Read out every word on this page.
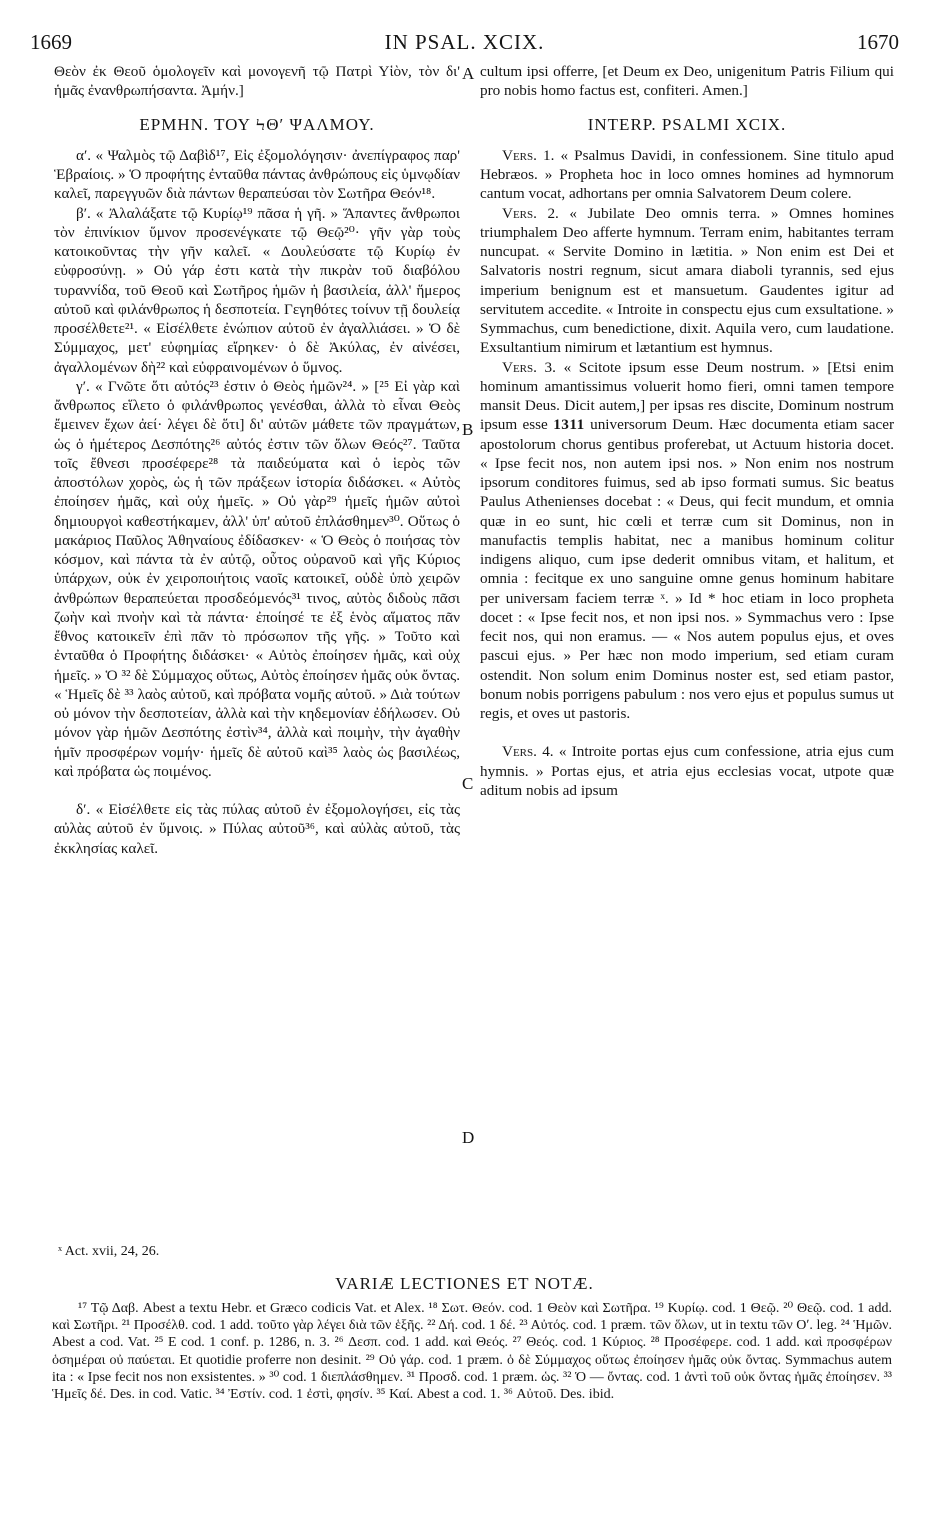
1669	IN PSAL. XCIX.	1670

Θεὸν ἐκ Θεοῦ ὁμολογεῖν καὶ μονογενῆ τῷ Πατρὶ Υἱὸν, τὸν δι' ἡμᾶς ἐνανθρωπήσαντα. Ἀμήν.]

ΕΡΜΗΝ. ΤΟΥ ϞΘʹ ΨΑΛΜΟΥ.

αʹ. « Ψαλμὸς τῷ Δαβὶδ¹⁷, Εἰς ἐξομολόγησιν· ἀνεπίγραφος παρ' Ἑβραίοις. » Ὁ προφήτης ἐνταῦθα πάντας ἀνθρώπους εἰς ὑμνῳδίαν καλεῖ, παρεγγυῶν διὰ πάντων θεραπεύσαι τὸν Σωτῆρα Θεόν¹⁸.

βʹ. « Ἀλαλάξατε τῷ Κυρίῳ¹⁹ πᾶσα ἡ γῆ. » Ἅπαντες ἄνθρωποι τὸν ἐπινίκιον ὕμνον προσενέγκατε τῷ Θεῷ²⁰· γῆν γὰρ τοὺς κατοικοῦντας τὴν γῆν καλεῖ. « Δουλεύσατε τῷ Κυρίῳ ἐν εὐφροσύνῃ. » Οὐ γάρ ἐστι κατὰ τὴν πικρὰν τοῦ διαβόλου τυραννίδα, τοῦ Θεοῦ καὶ Σωτῆρος ἡμῶν ἡ βασιλεία, ἀλλ' ἥμερος αὐτοῦ καὶ φιλάνθρωπος ἡ δεσποτεία. Γεγηθότες τοίνυν τῇ δουλείᾳ προσέλθετε²¹. « Εἰσέλθετε ἐνώπιον αὐτοῦ ἐν ἀγαλλιάσει. » Ὁ δὲ Σύμμαχος, μετ' εὐφημίας εἴρηκεν· ὁ δὲ Ἀκύλας, ἐν αἰνέσει, ἀγαλλομένων δὴ²² καὶ εὐφραινομένων ὁ ὕμνος.

γʹ. « Γνῶτε ὅτι αὐτός²³ ἐστιν ὁ Θεὸς ἡμῶν²⁴. » [²⁵ Εἰ γὰρ καὶ ἄνθρωπος εἵλετο ὁ φιλάνθρωπος γενέσθαι, ἀλλὰ τὸ εἶναι Θεὸς ἔμεινεν ἔχων ἀεί· λέγει δὲ ὅτι] δι' αὐτῶν μάθετε τῶν πραγμάτων, ὡς ὁ ἡμέτερος Δεσπότης²⁶ αὐτός ἐστιν τῶν ὅλων Θεός²⁷. Ταῦτα τοῖς ἔθνεσι προσέφερε²⁸ τὰ παιδεύματα καὶ ὁ ἱερὸς τῶν ἀποστόλων χορὸς, ὡς ἡ τῶν πράξεων ἱστορία διδάσκει. « Αὐτὸς ἐποίησεν ἡμᾶς, καὶ οὐχ ἡμεῖς. » Οὐ γὰρ²⁹ ἡμεῖς ἡμῶν αὐτοὶ δημιουργοὶ καθεστήκαμεν, ἀλλ' ὑπ' αὐτοῦ ἐπλάσθημεν³⁰. Οὕτως ὁ μακάριος Παῦλος Ἀθηναίους ἐδίδασκεν· « Ὁ Θεὸς ὁ ποιήσας τὸν κόσμον, καὶ πάντα τὰ ἐν αὐτῷ, οὗτος οὐρανοῦ καὶ γῆς Κύριος ὑπάρχων, οὐκ ἐν χειροποιήτοις ναοῖς κατοικεῖ, οὐδὲ ὑπὸ χειρῶν ἀνθρώπων θεραπεύεται προσδεόμενός³¹ τινος, αὐτὸς διδοὺς πᾶσι ζωὴν καὶ πνοὴν καὶ τὰ πάντα· ἐποίησέ τε ἐξ ἑνὸς αἵματος πᾶν ἔθνος κατοικεῖν ἐπὶ πᾶν τὸ πρόσωπον τῆς γῆς. » Τοῦτο καὶ ἐνταῦθα ὁ Προφήτης διδάσκει· « Αὐτὸς ἐποίησεν ἡμᾶς, καὶ οὐχ ἡμεῖς. » Ὁ ³² δὲ Σύμμαχος οὕτως, Αὐτὸς ἐποίησεν ἡμᾶς οὐκ ὄντας. « Ἡμεῖς δὲ ³³ λαὸς αὐτοῦ, καὶ πρόβατα νομῆς αὐτοῦ. » Διὰ τούτων οὐ μόνον τὴν δεσποτείαν, ἀλλὰ καὶ τὴν κηδεμονίαν ἐδήλωσεν. Οὐ μόνον γὰρ ἡμῶν Δεσπότης ἐστὶν³⁴, ἀλλὰ καὶ ποιμὴν, τὴν ἀγαθὴν ἡμῖν προσφέρων νομήν· ἡμεῖς δὲ αὐτοῦ καὶ³⁵ λαὸς ὡς βασιλέως, καὶ πρόβατα ὡς ποιμένος.

δʹ. « Εἰσέλθετε εἰς τὰς πύλας αὐτοῦ ἐν ἐξομολογήσει, εἰς τὰς αὐλὰς αὐτοῦ ἐν ὕμνοις. » Πύλας αὐτοῦ³⁶, καὶ αὐλὰς αὐτοῦ, τὰς ἐκκλησίας καλεῖ.

cultum ipsi offerre, [et Deum ex Deo, unigenitum Patris Filium qui pro nobis homo factus est, confiteri. Amen.]

INTERP. PSALMI XCIX.

Vers. 1. « Psalmus Davidi, in confessionem. Sine titulo apud Hebræos. » Propheta hoc in loco omnes homines ad hymnorum cantum vocat, adhortans per omnia Salvatorem Deum colere.

Vers. 2. « Jubilate Deo omnis terra. » Omnes homines triumphalem Deo afferte hymnum. Terram enim, habitantes terram nuncupat. « Servite Domino in lætitia. » Non enim est Dei et Salvatoris nostri regnum, sicut amara diaboli tyrannis, sed ejus imperium benignum est et mansuetum. Gaudentes igitur ad servitutem accedite. « Introite in conspectu ejus cum exsultatione. » Symmachus, cum benedictione, dixit. Aquila vero, cum laudatione. Exsultantium nimirum et lætantium est hymnus.

Vers. 3. « Scitote ipsum esse Deum nostrum. » [Etsi enim hominum amantissimus voluerit homo fieri, omni tamen tempore mansit Deus. Dicit autem,] per ipsas res discite, Dominum nostrum ipsum esse 1311 universorum Deum. Hæc documenta etiam sacer apostolorum chorus gentibus proferebat, ut Actuum historia docet. « Ipse fecit nos, non autem ipsi nos. » Non enim nos nostrum ipsorum conditores fuimus, sed ab ipso formati sumus. Sic beatus Paulus Athenienses docebat : « Deus, qui fecit mundum, et omnia quæ in eo sunt, hic cœli et terræ cum sit Dominus, non in manufactis templis habitat, nec a manibus hominum colitur indigens aliquo, cum ipse dederit omnibus vitam, et halitum, et omnia : fecitque ex uno sanguine omne genus hominum habitare per universam faciem terræ ˣ. » Id * hoc etiam in loco propheta docet : « Ipse fecit nos, et non ipsi nos. » Symmachus vero : Ipse fecit nos, qui non eramus. — « Nos autem populus ejus, et oves pascui ejus. » Per hæc non modo imperium, sed etiam curam ostendit. Non solum enim Dominus noster est, sed etiam pastor, bonum nobis porrigens pabulum : nos vero ejus et populus sumus ut regis, et oves ut pastoris.

Vers. 4. « Introite portas ejus cum confessione, atria ejus cum hymnis. » Portas ejus, et atria ejus ecclesias vocat, utpote quæ aditum nobis ad ipsum

A
B
C
D
ˣ Act. xvii, 24, 26.
VARIÆ LECTIONES ET NOTÆ.

¹⁷ Τῷ Δαβ. Abest a textu Hebr. et Græco codicis Vat. et Alex. ¹⁸ Σωτ. Θεόν. cod. 1 Θεὸν καὶ Σωτῆρα. ¹⁹ Κυρίῳ. cod. 1 Θεῷ. ²⁰ Θεῷ. cod. 1 add. καὶ Σωτῆρι. ²¹ Προσέλθ. cod. 1 add. τοῦτο γὰρ λέγει διὰ τῶν ἑξῆς. ²² Δή. cod. 1 δέ. ²³ Αὐτός. cod. 1 præm. τῶν ὅλων, ut in textu τῶν Οʹ. leg. ²⁴ Ἡμῶν. Abest a cod. Vat. ²⁵ E cod. 1 conf. p. 1286, n. 3. ²⁶ Δεσπ. cod. 1 add. καὶ Θεός. ²⁷ Θεός. cod. 1 Κύριος. ²⁸ Προσέφερε. cod. 1 add. καὶ προσφέρων ὁσημέραι οὐ παύεται. Et quotidie proferre non desinit. ²⁹ Οὐ γάρ. cod. 1 præm. ὁ δὲ Σύμμαχος οὕτως ἐποίησεν ἡμᾶς οὐκ ὄντας. Symmachus autem ita : « Ipse fecit nos non exsistentes. » ³⁰ cod. 1 διεπλάσθημεν. ³¹ Προσδ. cod. 1 præm. ὡς. ³² Ὁ — ὄντας. cod. 1 ἀντὶ τοῦ οὐκ ὄντας ἡμᾶς ἐποίησεν. ³³ Ἡμεῖς δέ. Des. in cod. Vatic. ³⁴ Ἐστίν. cod. 1 ἐστὶ, φησίν. ³⁵ Καί. Abest a cod. 1. ³⁶ Αὐτοῦ. Des. ibid.
